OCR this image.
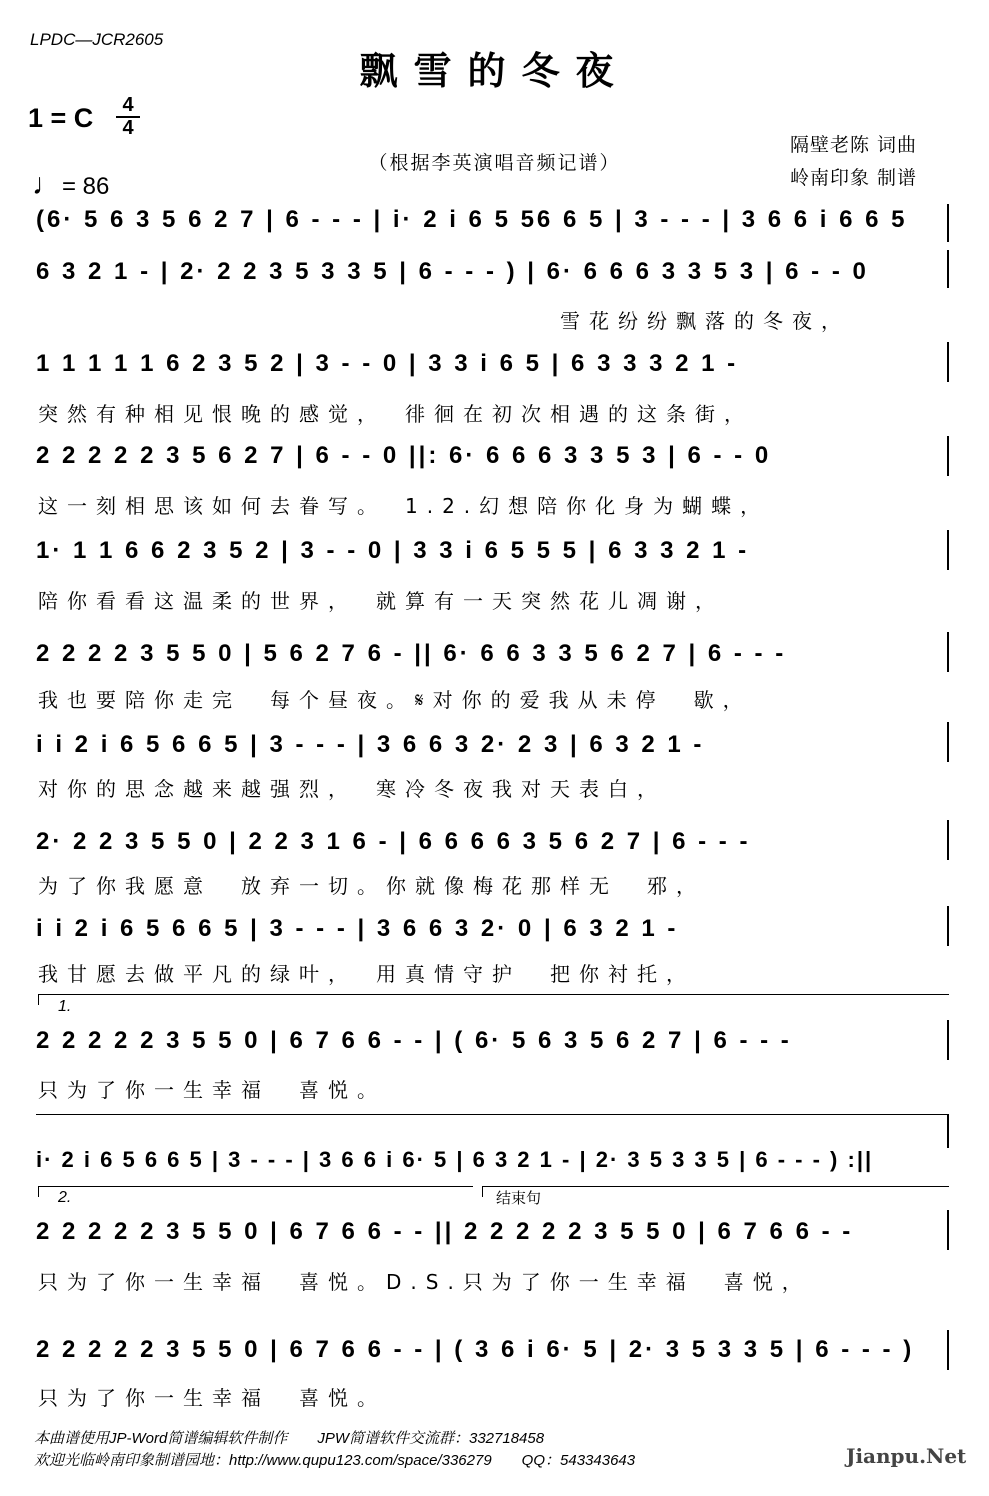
LPDC—JCR2605
飘雪的冬夜
1 = C	4
4
（根据李英演唱音频记谱）
隔壁老陈 词曲
岭南印象 制谱
♩= 86
(6· 5 6 3 5 6 2 7 | 6 - - - | i· 2 i 6 5 56 6 5 | 3 - - - | 3 6 6 i 6 6 5
6 3 2 1 - | 2· 2 2 3 5 3 3 5 | 6 - - - ) | 6· 6 6 6 3 3 5 3 | 6 - - 0
雪花纷纷飘落的冬夜，
1 1 1 1 1 6 2 3 5 2 | 3 - - 0 | 3 3 i 6 5 | 6 3 3 3 2 1 -
突然有种相见恨晚的感觉，　徘徊在初次相遇的这条街，
2 2 2 2 2 3 5 6 2 7 | 6 - - 0 ||: 6· 6 6 6 3 3 5 3 | 6 - - 0
这一刻相思该如何去眷写。　1.2.幻想陪你化身为蝴蝶，
1· 1 1 6 6 2 3 5 2 | 3 - - 0 | 3 3 i 6 5 5 5 | 6 3 3 2 1 -
陪你看看这温柔的世界，　就算有一天突然花儿凋谢，
2 2 2 2 3 5 5 0 | 5 6 2 7 6 - || 6· 6 6 3 3 5 6 2 7 | 6 - - -
我也要陪你走完　每个昼夜。𝄋对你的爱我从未停　歇，
i i 2 i 6 5 6 6 5 | 3 - - - | 3 6 6 3 2· 2 3 | 6 3 2 1 -
对你的思念越来越强烈，　寒冷冬夜我对天表白，
2· 2 2 3 5 5 0 | 2 2 3 1 6 - | 6 6 6 6 3 5 6 2 7 | 6 - - -
为了你我愿意　放弃一切。你就像梅花那样无　邪，
i i 2 i 6 5 6 6 5 | 3 - - - | 3 6 6 3 2· 0 | 6 3 2 1 -
我甘愿去做平凡的绿叶，　用真情守护　把你衬托，
1.
2 2 2 2 2 3 5 5 0 | 6 7 6 6 - - | ( 6· 5 6 3 5 6 2 7 | 6 - - -
只为了你一生幸福　喜悦。
i· 2 i 6 5 6 6 5 | 3 - - - | 3 6 6 i 6· 5 | 6 3 2 1 - | 2· 3 5 3 3 5 | 6 - - - ) :||
2.	结束句
2 2 2 2 2 3 5 5 0 | 6 7 6 6 - - || 2 2 2 2 2 3 5 5 0 | 6 7 6 6 - -
只为了你一生幸福　喜悦。D.S.只为了你一生幸福　喜悦，
2 2 2 2 2 3 5 5 0 | 6 7 6 6 - - | ( 3 6 i 6· 5 | 2· 3 5 3 3 5 | 6 - - - )
只为了你一生幸福　喜悦。
本曲谱使用JP-Word简谱编辑软件制作　　JPW简谱软件交流群：332718458
欢迎光临岭南印象制谱园地：http://www.qupu123.com/space/336279　　QQ：543343643	Jianpu.Net
